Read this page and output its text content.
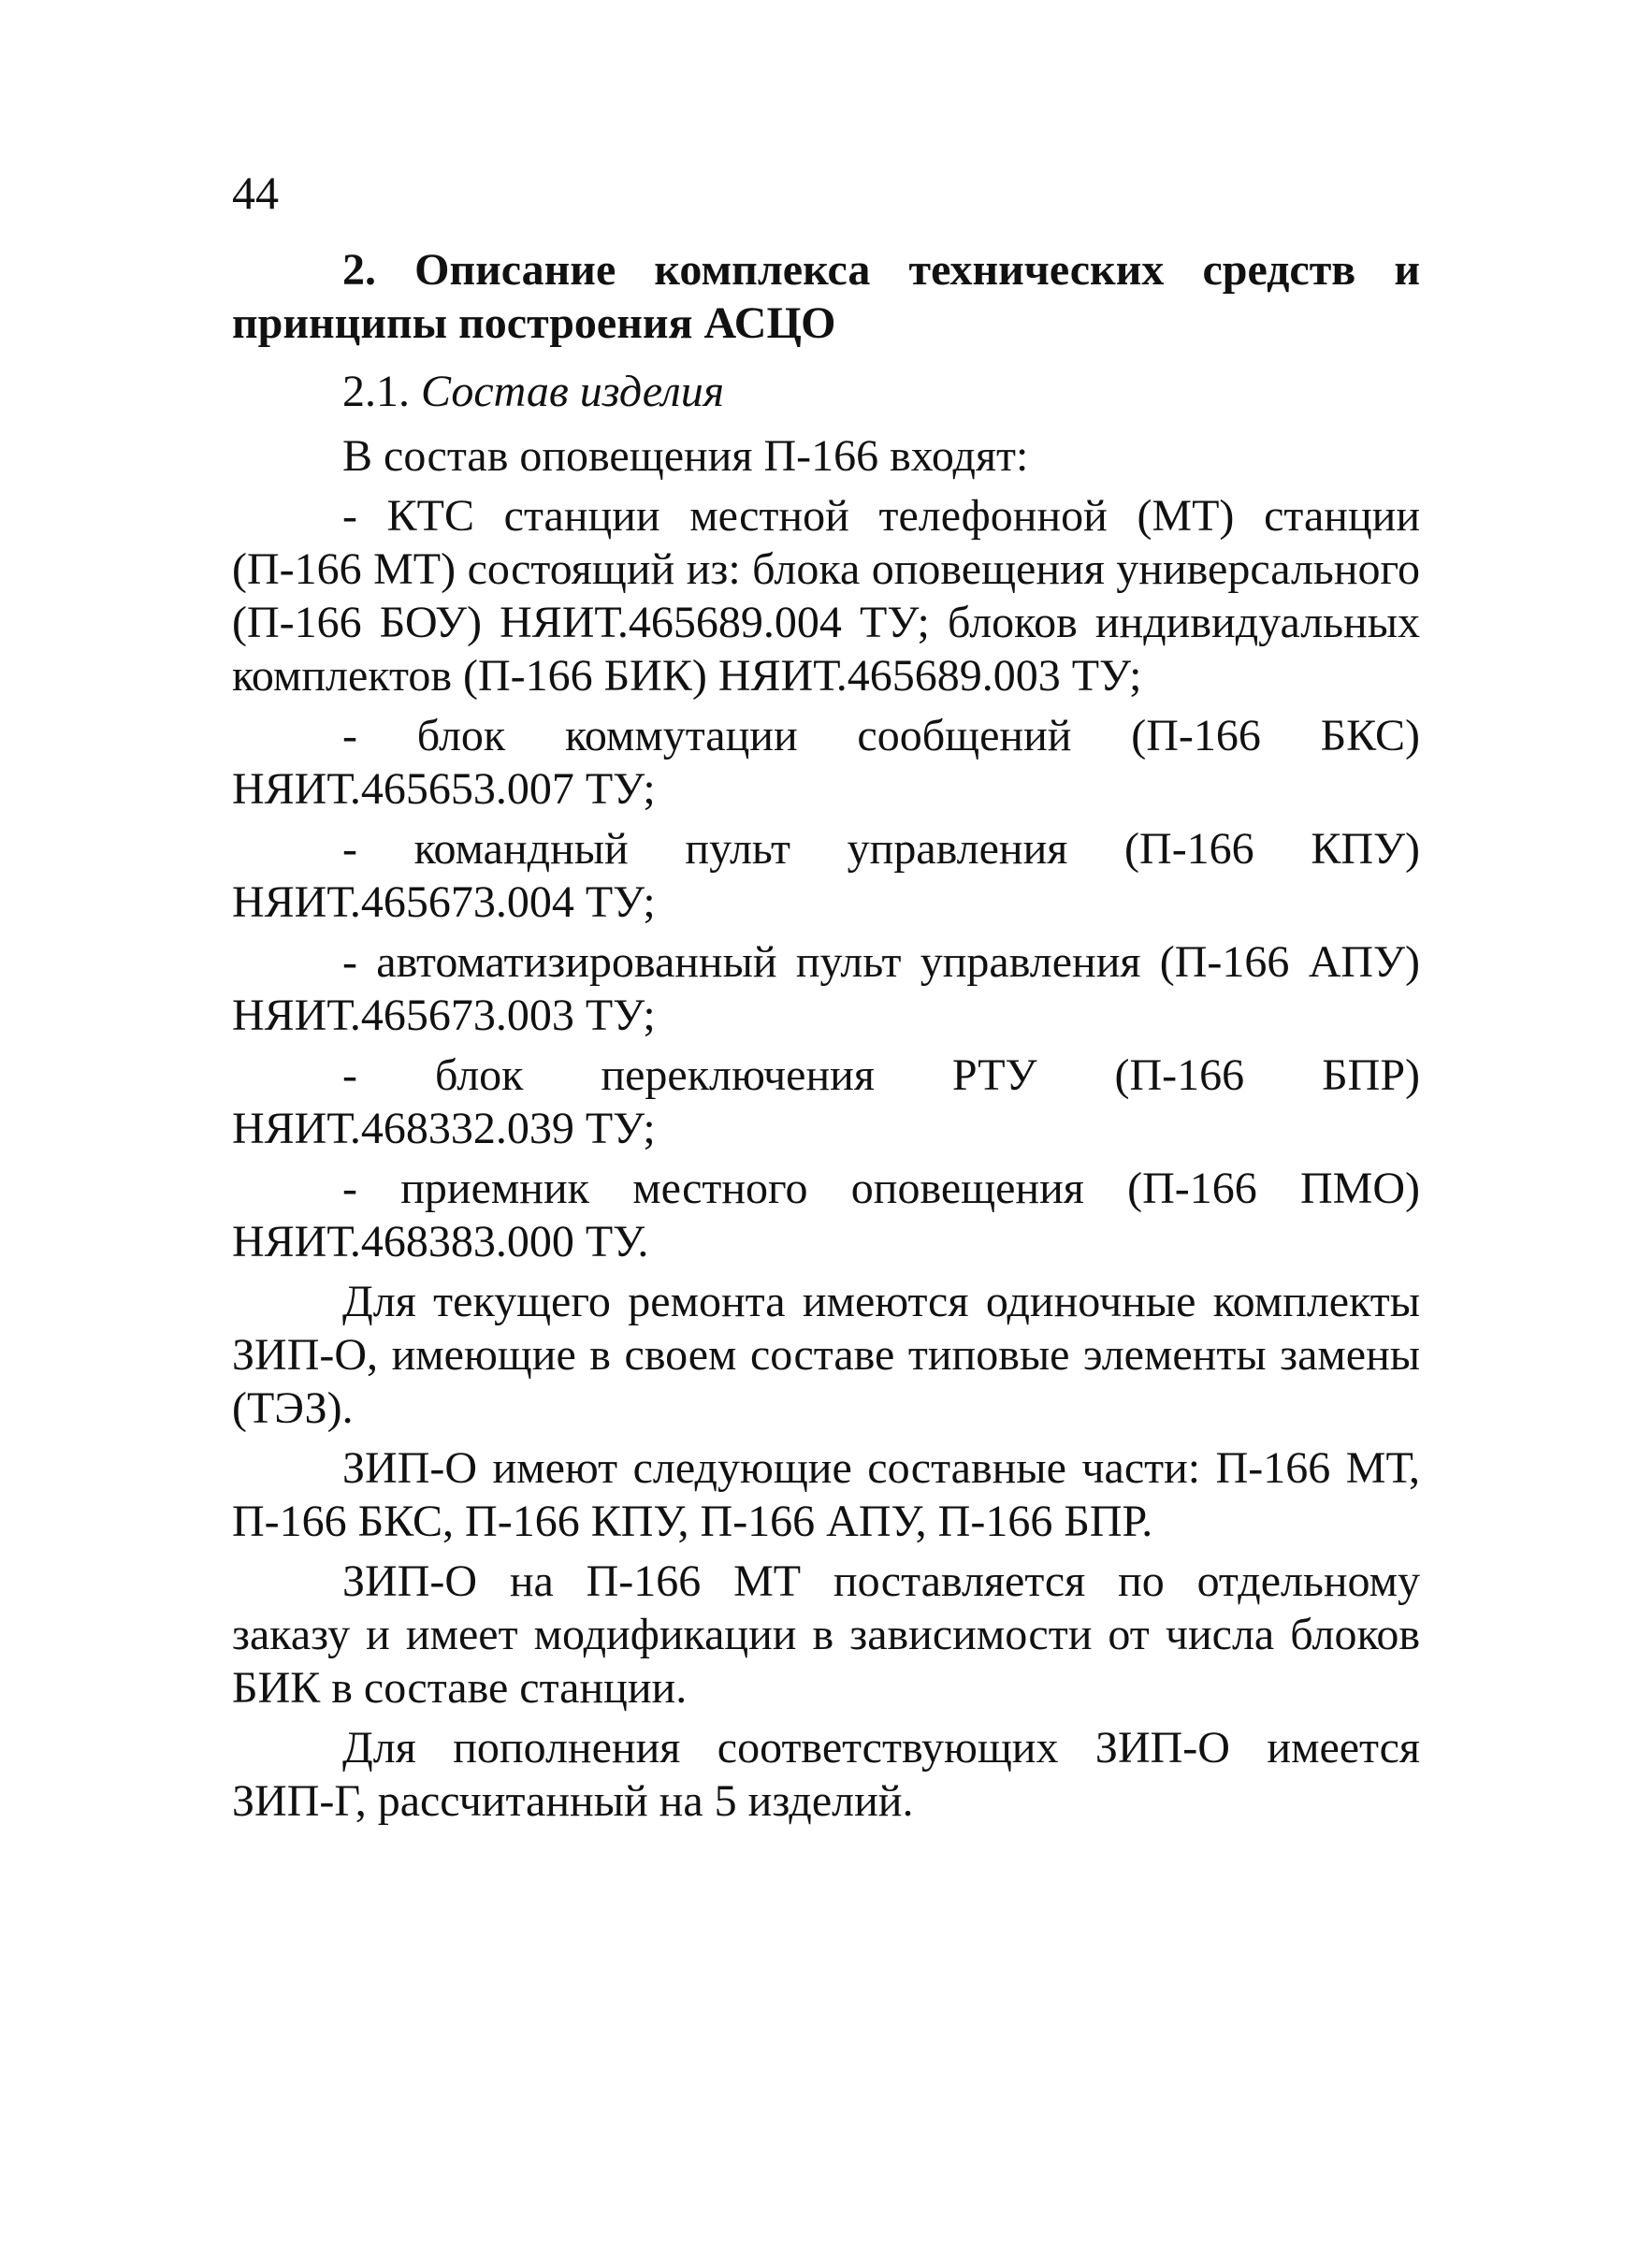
44

2. Описание комплекса технических средств и принципы построения АСЦО

2.1. Состав изделия

В состав оповещения П-166 входят:

- КТС станции местной телефонной (МТ) станции (П-166 МТ) состоящий из: блока оповещения универсального (П-166 БОУ) НЯИТ.465689.004 ТУ; блоков индивидуальных комплектов (П-166 БИК) НЯИТ.465689.003 ТУ;

- блок коммутации сообщений (П-166 БКС) НЯИТ.465653.007 ТУ;

- командный пульт управления (П-166 КПУ) НЯИТ.465673.004 ТУ;

- автоматизированный пульт управления (П-166 АПУ) НЯИТ.465673.003 ТУ;

- блок переключения РТУ (П-166 БПР) НЯИТ.468332.039 ТУ;

- приемник местного оповещения (П-166 ПМО) НЯИТ.468383.000 ТУ.

Для текущего ремонта имеются одиночные комплекты ЗИП-О, имеющие в своем составе типовые элементы замены (ТЭЗ).

ЗИП-О имеют следующие составные части: П-166 МТ, П-166 БКС, П-166 КПУ, П-166 АПУ, П-166 БПР.

ЗИП-О на П-166 МТ поставляется по отдельному заказу и имеет модификации в зависимости от числа блоков БИК в составе станции.

Для пополнения соответствующих ЗИП-О имеется ЗИП-Г, рассчитанный на 5 изделий.
